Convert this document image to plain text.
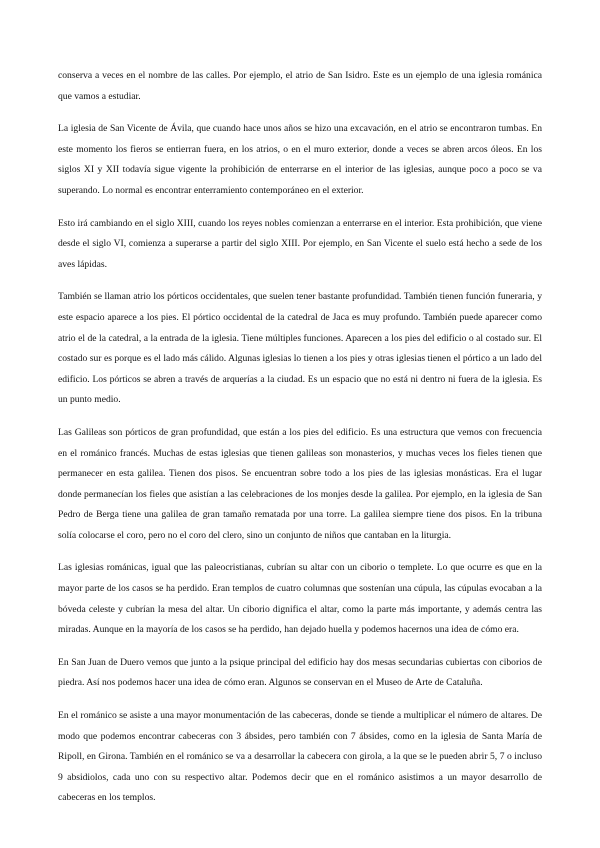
conserva a veces en el nombre de las calles. Por ejemplo, el atrio de San Isidro. Este es un ejemplo de una iglesia románica que vamos a estudiar.

La iglesia de San Vicente de Ávila, que cuando hace unos años se hizo una excavación, en el atrio se encontraron tumbas. En este momento los fieros se entierran fuera, en los atrios, o en el muro exterior, donde a veces se abren arcos óleos. En los siglos XI y XII todavía sigue vigente la prohibición de enterrarse en el interior de las iglesias, aunque poco a poco se va superando. Lo normal es encontrar enterramiento contemporáneo en el exterior.

Esto irá cambiando en el siglo XIII, cuando los reyes nobles comienzan a enterrarse en el interior. Esta prohibición, que viene desde el siglo VI, comienza a superarse a partir del siglo XIII. Por ejemplo, en San Vicente el suelo está hecho a sede de los aves lápidas.

También se llaman atrio los pórticos occidentales, que suelen tener bastante profundidad. También tienen función funeraria, y este espacio aparece a los pies. El pórtico occidental de la catedral de Jaca es muy profundo. También puede aparecer como atrio el de la catedral, a la entrada de la iglesia. Tiene múltiples funciones. Aparecen a los pies del edificio o al costado sur. El costado sur es porque es el lado más cálido. Algunas iglesias lo tienen a los pies y otras iglesias tienen el pórtico a un lado del edificio. Los pórticos se abren a través de arquerías a la ciudad. Es un espacio que no está ni dentro ni fuera de la iglesia. Es un punto medio.

Las Galileas son pórticos de gran profundidad, que están a los pies del edificio. Es una estructura que vemos con frecuencia en el románico francés. Muchas de estas iglesias que tienen galileas son monasterios, y muchas veces los fieles tienen que permanecer en esta galilea. Tienen dos pisos. Se encuentran sobre todo a los pies de las iglesias monásticas. Era el lugar donde permanecían los fieles que asistían a las celebraciones de los monjes desde la galilea. Por ejemplo, en la iglesia de San Pedro de Berga tiene una galilea de gran tamaño rematada por una torre. La galilea siempre tiene dos pisos. En la tribuna solía colocarse el coro, pero no el coro del clero, sino un conjunto de niños que cantaban en la liturgia.

Las iglesias románicas, igual que las paleocristianas, cubrían su altar con un ciborio o templete. Lo que ocurre es que en la mayor parte de los casos se ha perdido. Eran templos de cuatro columnas que sostenían una cúpula, las cúpulas evocaban a la bóveda celeste y cubrían la mesa del altar. Un ciborio dignifica el altar, como la parte más importante, y además centra las miradas. Aunque en la mayoría de los casos se ha perdido, han dejado huella y podemos hacernos una idea de cómo era.

En San Juan de Duero vemos que junto a la psique principal del edificio hay dos mesas secundarias cubiertas con ciborios de piedra. Así nos podemos hacer una idea de cómo eran. Algunos se conservan en el Museo de Arte de Cataluña.

En el románico se asiste a una mayor monumentación de las cabeceras, donde se tiende a multiplicar el número de altares. De modo que podemos encontrar cabeceras con 3 ábsides, pero también con 7 ábsides, como en la iglesia de Santa María de Ripoll, en Girona. También en el románico se va a desarrollar la cabecera con girola, a la que se le pueden abrir 5, 7 o incluso 9 absidiolos, cada uno con su respectivo altar. Podemos decir que en el románico asistimos a un mayor desarrollo de cabeceras en los templos.
